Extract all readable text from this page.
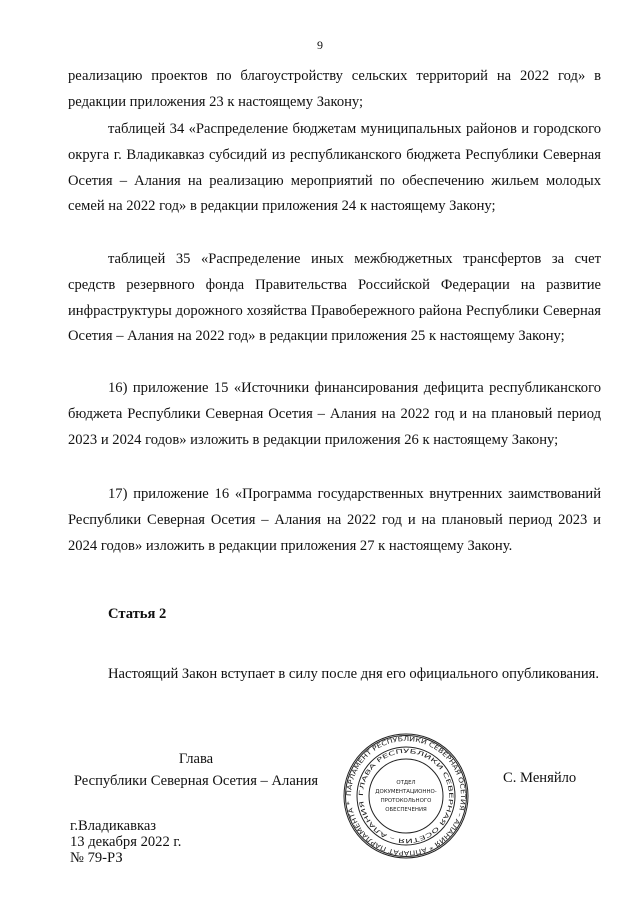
9

реализацию проектов по благоустройству сельских территорий на 2022 год» в редакции приложения 23 к настоящему Закону;

таблицей 34 «Распределение бюджетам муниципальных районов и городского округа г. Владикавказ субсидий из республиканского бюджета Республики Северная Осетия – Алания на реализацию мероприятий по обеспечению жильем молодых семей на 2022 год» в редакции приложения 24 к настоящему Закону;

таблицей 35 «Распределение иных межбюджетных трансфертов за счет средств резервного фонда Правительства Российской Федерации на развитие инфраструктуры дорожного хозяйства Правобережного района Республики Северная Осетия – Алания на 2022 год» в редакции приложения 25 к настоящему Закону;

16) приложение 15 «Источники финансирования дефицита республиканского бюджета Республики Северная Осетия – Алания на 2022 год и на плановый период 2023 и 2024 годов» изложить в редакции приложения 26 к настоящему Закону;

17) приложение 16 «Программа государственных внутренних заимствований Республики Северная Осетия – Алания на 2022 год и на плановый период 2023 и 2024 годов» изложить в редакции приложения 27 к настоящему Закону.

Статья 2

Настоящий Закон вступает в силу после дня его официального опубликования.

Глава
Республики Северная Осетия – Алания
ПАРЛАМЕНТ РЕСПУБЛИКИ СЕВЕРНАЯ ОСЕТИЯ – АЛАНИЯ * АППАРАТ ПАРЛАМЕНТА *
ГЛАВА РЕСПУБЛИКИ СЕВЕРНАЯ ОСЕТИЯ – АЛАНИЯ
ОТДЕЛ
ДОКУМЕНТАЦИОННО-
ПРОТОКОЛЬНОГО
ОБЕСПЕЧЕНИЯ
С. Меняйло
г.Владикавказ
13 декабря 2022 г.
№ 79-РЗ
